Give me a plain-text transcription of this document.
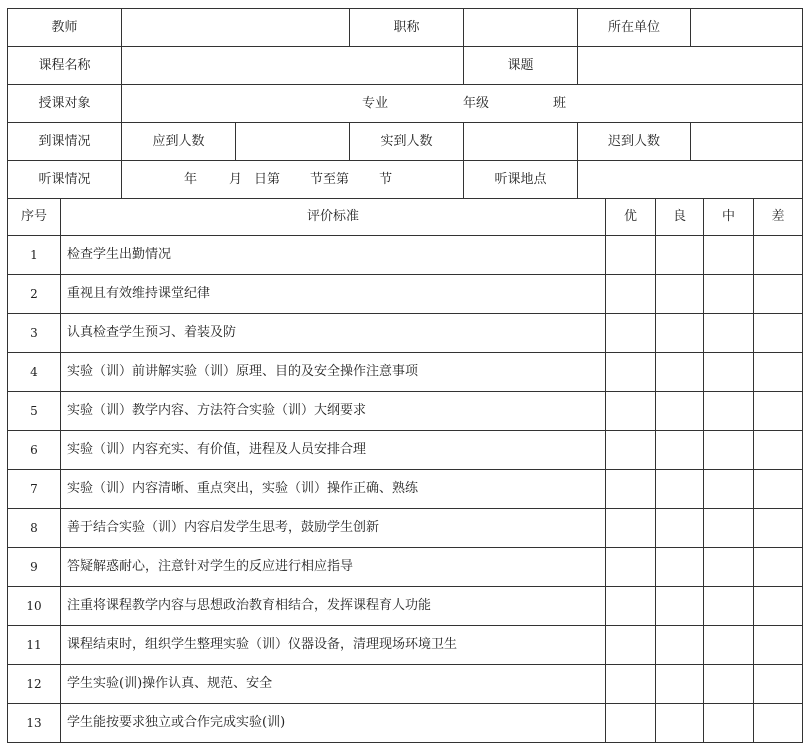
教师			职称		所在单位	
课程名称				课题		
授课对象	专业 年级 班					
到课情况	应到人数		实到人数		迟到人数	
听课情况	年 月 日第 节至第 节			听课地点		
序号	评价标准	优	良	中	差
1	检查学生出勤情况				
2	重视且有效维持课堂纪律				
3	认真检查学生预习、着装及防				
4	实验（训）前讲解实验（训）原理、目的及安全操作注意事项				
5	实验（训）教学内容、方法符合实验（训）大纲要求				
6	实验（训）内容充实、有价值，进程及人员安排合理				
7	实验（训）内容清晰、重点突出，实验（训）操作正确、熟练				
8	善于结合实验（训）内容启发学生思考，鼓励学生创新				
9	答疑解惑耐心，注意针对学生的反应进行相应指导				
10	注重将课程教学内容与思想政治教育相结合，发挥课程育人功能				
11	课程结束时，组织学生整理实验（训）仪器设备，清理现场环境卫生				
12	学生实验(训)操作认真、规范、安全				
13	学生能按要求独立或合作完成实验(训)				
